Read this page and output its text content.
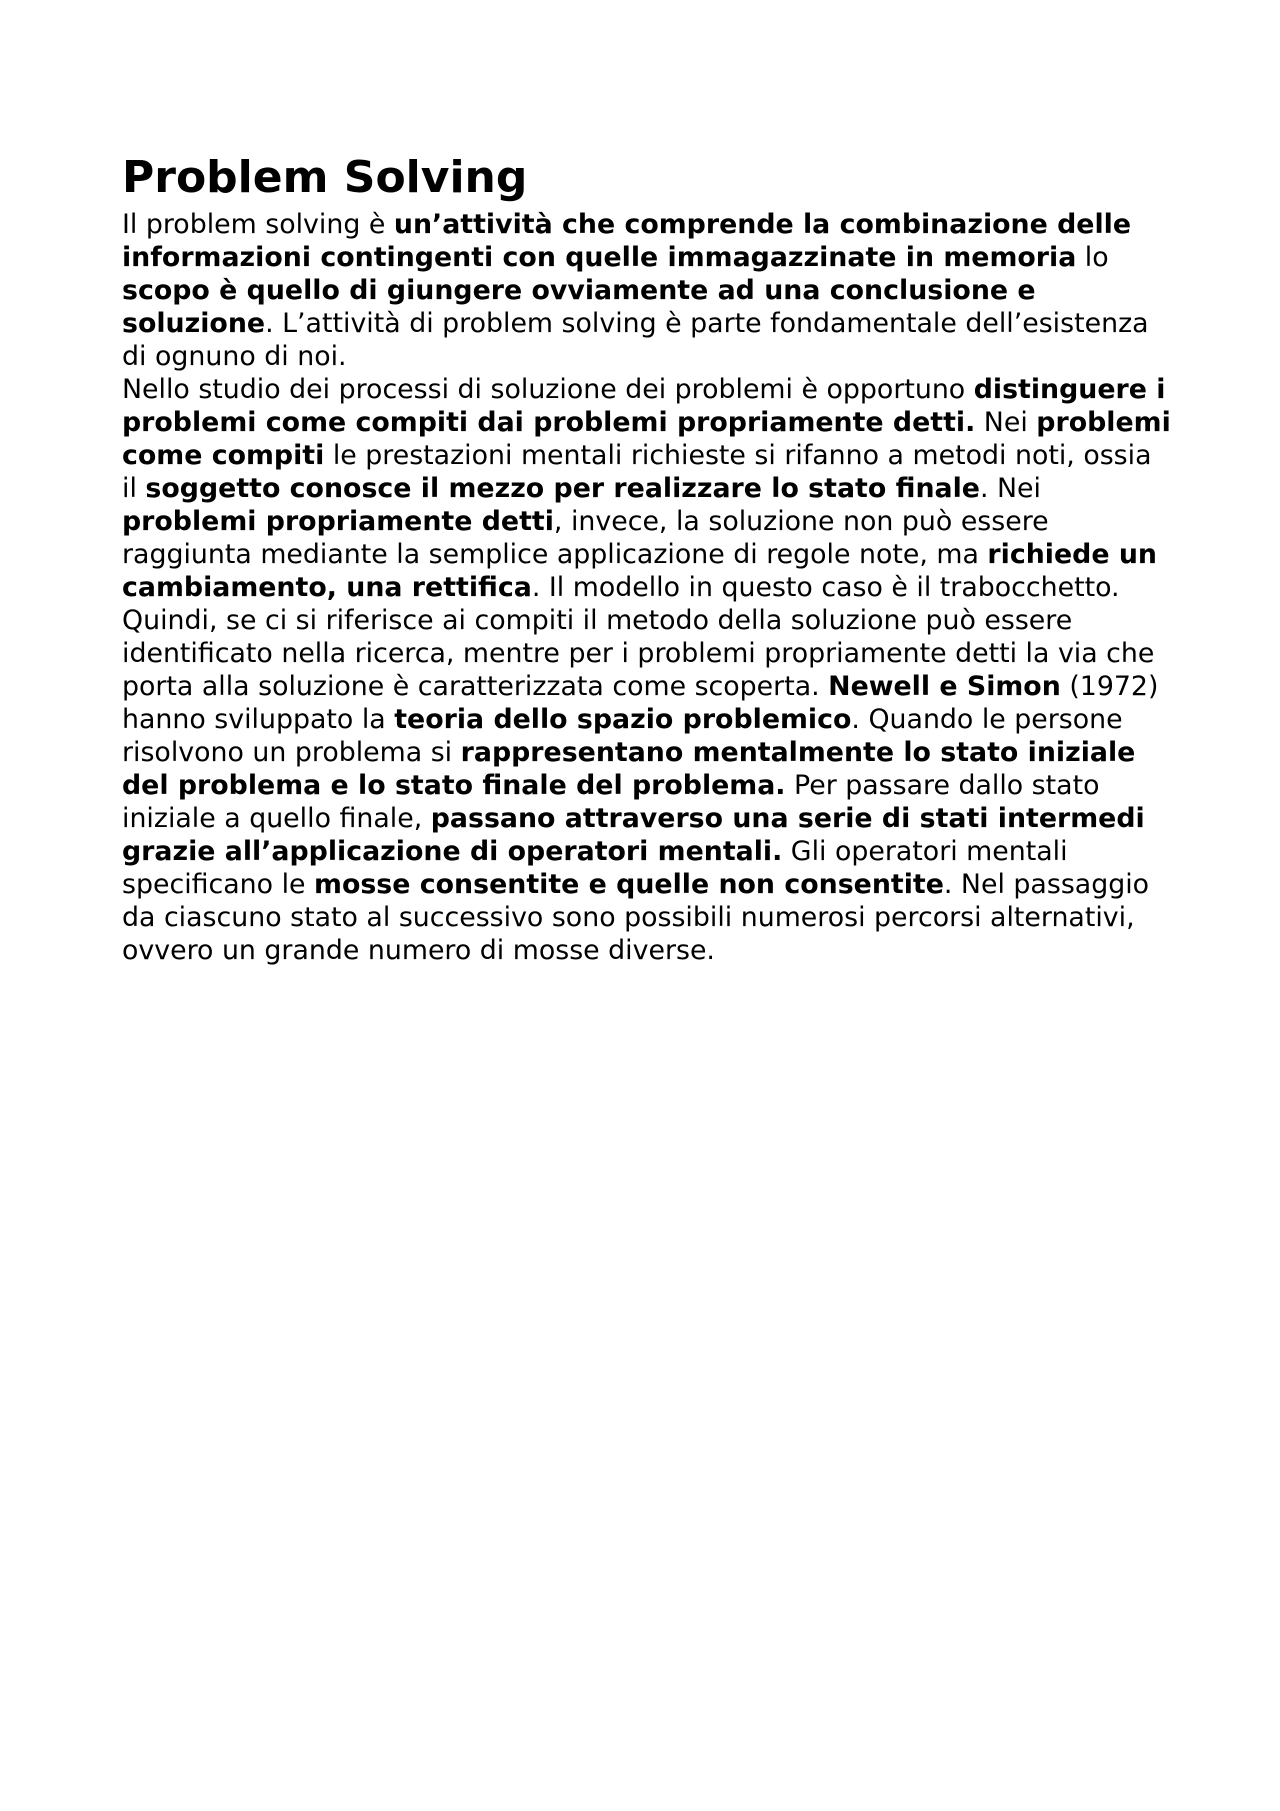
Problem Solving

Il problem solving è un’attività che comprende la combinazione delle informazioni contingenti con quelle immagazzinate in memoria lo scopo è quello di giungere ovviamente ad una conclusione e soluzione. L’attività di problem solving è parte fondamentale dell’esistenza di ognuno di noi.

Nello studio dei processi di soluzione dei problemi è opportuno distinguere i problemi come compiti dai problemi propriamente detti. Nei problemi come compiti le prestazioni mentali richieste si rifanno a metodi noti, ossia il soggetto conosce il mezzo per realizzare lo stato finale. Nei problemi propriamente detti, invece, la soluzione non può essere raggiunta mediante la semplice applicazione di regole note, ma richiede un cambiamento, una rettifica. Il modello in questo caso è il trabocchetto. Quindi, se ci si riferisce ai compiti il metodo della soluzione può essere identificato nella ricerca, mentre per i problemi propriamente detti la via che porta alla soluzione è caratterizzata come scoperta. Newell e Simon (1972) hanno sviluppato la teoria dello spazio problemico. Quando le persone risolvono un problema si rappresentano mentalmente lo stato iniziale del problema e lo stato finale del problema. Per passare dallo stato iniziale a quello finale, passano attraverso una serie di stati intermedi grazie all’applicazione di operatori mentali. Gli operatori mentali specificano le mosse consentite e quelle non consentite. Nel passaggio da ciascuno stato al successivo sono possibili numerosi percorsi alternativi, ovvero un grande numero di mosse diverse.
